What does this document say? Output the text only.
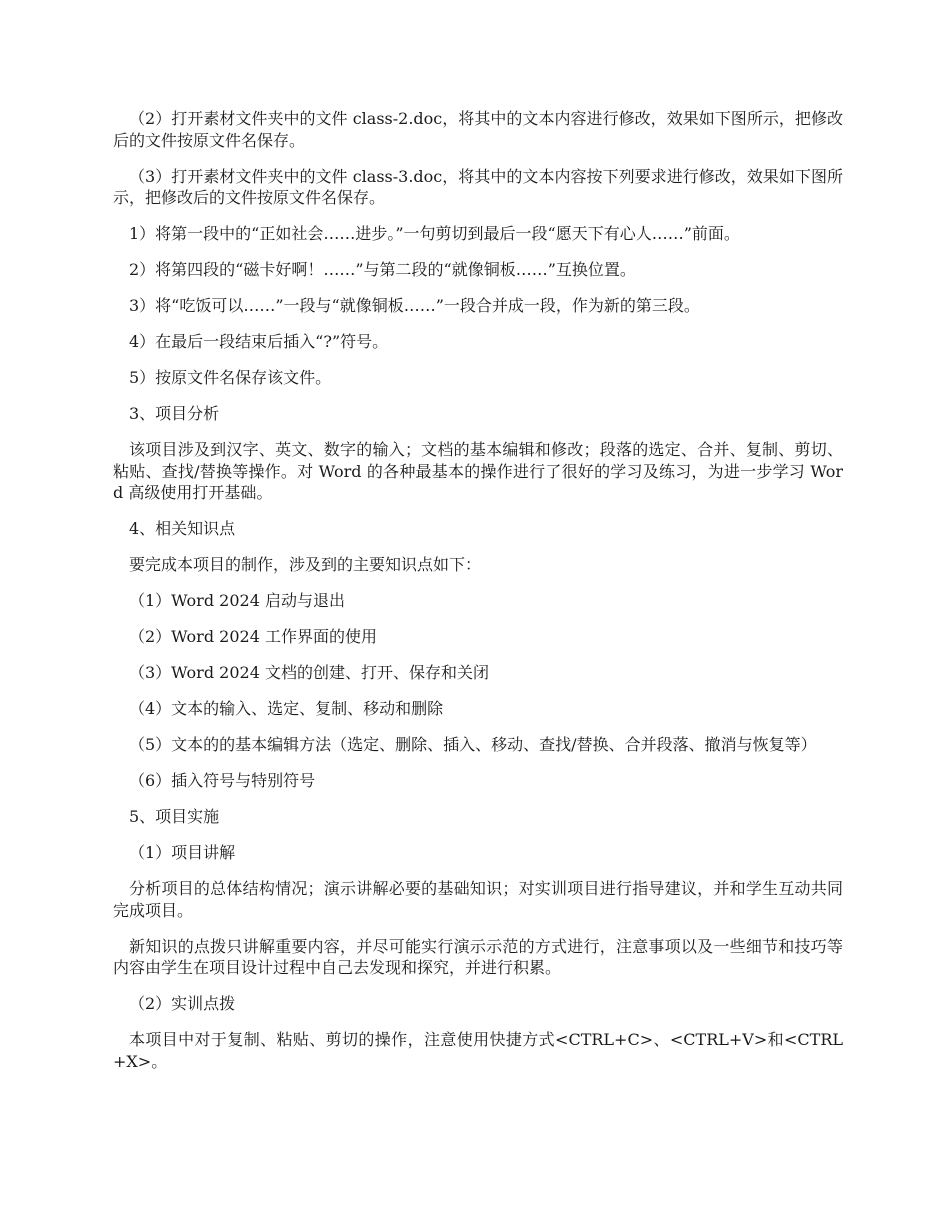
（2）打开素材文件夹中的文件 class-2.doc，将其中的文本内容进行修改，效果如下图所示，把修改后的文件按原文件名保存。

（3）打开素材文件夹中的文件 class-3.doc，将其中的文本内容按下列要求进行修改，效果如下图所示，把修改后的文件按原文件名保存。

1）将第一段中的“正如社会……进步。”一句剪切到最后一段“愿天下有心人……”前面。

2）将第四段的“磁卡好啊！……”与第二段的“就像铜板……”互换位置。

3）将“吃饭可以……”一段与“就像铜板……”一段合并成一段，作为新的第三段。

4）在最后一段结束后插入“?”符号。

5）按原文件名保存该文件。

3、项目分析

该项目涉及到汉字、英文、数字的输入；文档的基本编辑和修改；段落的选定、合并、复制、剪切、粘贴、查找/替换等操作。对 Word 的各种最基本的操作进行了很好的学习及练习，为进一步学习 Word 高级使用打开基础。

4、相关知识点

要完成本项目的制作，涉及到的主要知识点如下：

（1）Word 2024 启动与退出

（2）Word 2024 工作界面的使用

（3）Word 2024 文档的创建、打开、保存和关闭

（4）文本的输入、选定、复制、移动和删除

（5）文本的的基本编辑方法（选定、删除、插入、移动、查找/替换、合并段落、撤消与恢复等）

（6）插入符号与特别符号

5、项目实施

（1）项目讲解

分析项目的总体结构情况；演示讲解必要的基础知识；对实训项目进行指导建议，并和学生互动共同完成项目。

新知识的点拨只讲解重要内容，并尽可能实行演示示范的方式进行，注意事项以及一些细节和技巧等内容由学生在项目设计过程中自己去发现和探究，并进行积累。

（2）实训点拨

本项目中对于复制、粘贴、剪切的操作，注意使用快捷方式<CTRL+C>、<CTRL+V>和<CTRL+X>。
